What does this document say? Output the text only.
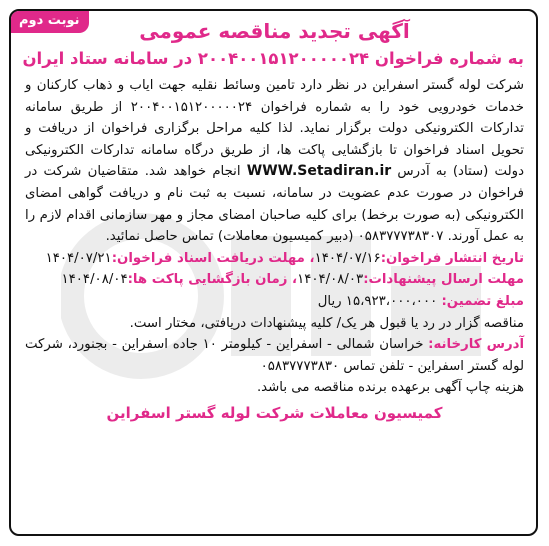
نوبت دوم	آگهی تجدید مناقصه عمومی

به شماره فراخوان ۲۰۰۴۰۰۱۵۱۲۰۰۰۰۰۲۴ در سامانه ستاد ایران

شرکت لوله گستر اسفراین در نظر دارد تامین وسائط نقلیه جهت ایاب و ذهاب کارکنان و خدمات خودرویی خود را به شماره فراخوان ۲۰۰۴۰۰۱۵۱۲۰۰۰۰۰۲۴ از طریق سامانه تدارکات الکترونیکی دولت برگزار نماید. لذا کلیه مراحل برگزاری فراخوان از دریافت و تحویل اسناد فراخوان تا بازگشایی پاکت ها، از طریق درگاه سامانه تدارکات الکترونیکی دولت (ستاد) به آدرس WWW.Setadiran.ir انجام خواهد شد. متقاضیان شرکت در فراخوان در صورت عدم عضویت در سامانه، نسبت به ثبت نام و دریافت گواهی امضای الکترونیکی (به صورت برخط) برای کلیه صاحبان امضای مجاز و مهر سازمانی اقدام لازم را به عمل آورند. ۰۵۸۳۷۷۷۳۸۳۰۷ (دبیر کمیسیون معاملات) تماس حاصل نمائید.

تاریخ انتشار فراخوان:۱۴۰۴/۰۷/۱۶، مهلت دریافت اسناد فراخوان:۱۴۰۴/۰۷/۲۱

مهلت ارسال پیشنهادات:۱۴۰۴/۰۸/۰۳، زمان بازگشایی پاکت ها:۱۴۰۴/۰۸/۰۴

مبلغ تضمین: ۱۵،۹۲۳،۰۰۰،۰۰۰ ریال

مناقصه گزار در رد یا قبول هر یک/ کلیه پیشنهادات دریافتی، مختار است.

آدرس کارخانه: خراسان شمالی - اسفراین - کیلومتر ۱۰ جاده اسفراین - بجنورد، شرکت لوله گستر اسفراین - تلفن تماس ۰۵۸۳۷۷۷۳۸۳۰

هزینه چاپ آگهی برعهده برنده مناقصه می باشد.

کمیسیون معاملات شرکت لوله گستر اسفراین
